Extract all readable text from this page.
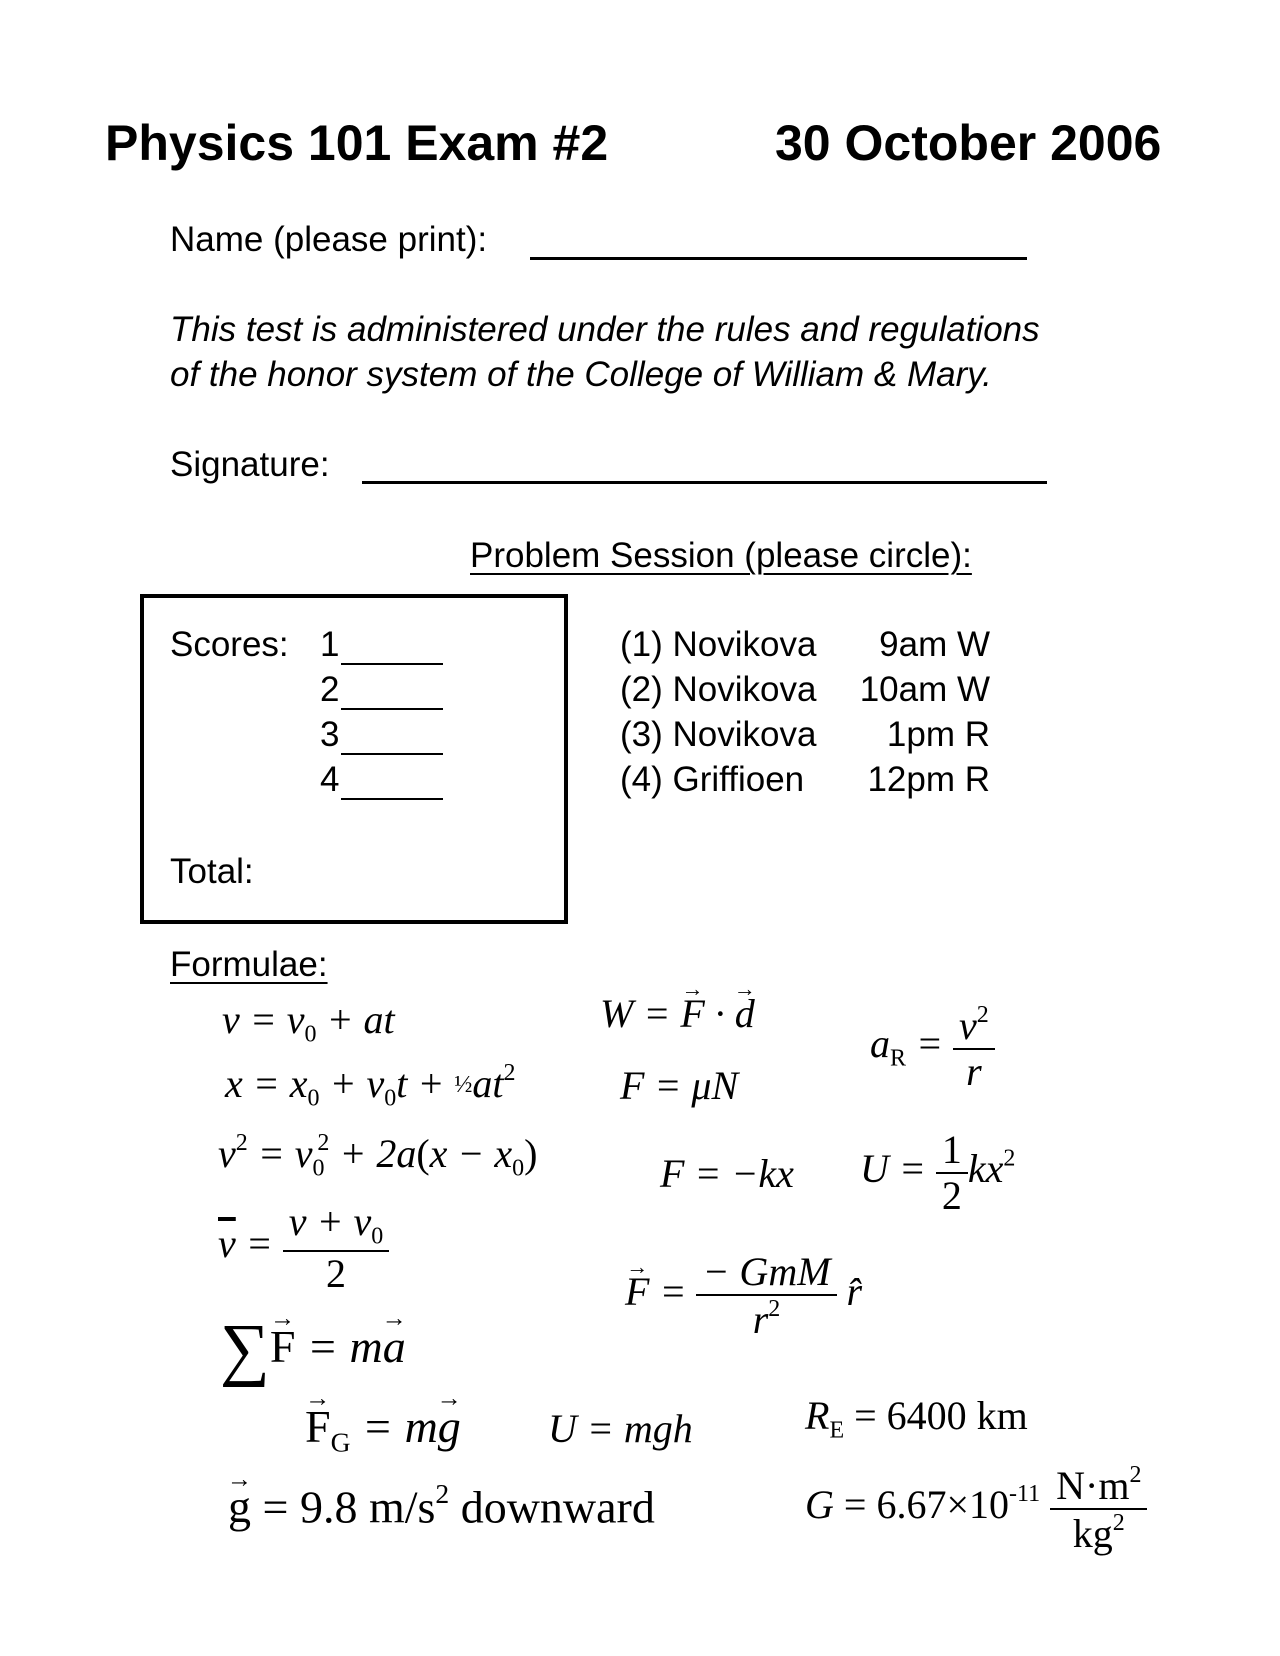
Physics 101 Exam #2	30 October 2006
Name (please print):
This test is administered under the rules and regulations
of the honor system of the College of William & Mary.
Signature:
Problem Session (please circle):
Scores: 1
2
3
4
Total:
(1) Novikova	9am W
(2) Novikova	10am W
(3) Novikova	1pm R
(4) Griffioen	12pm R
Formulae:
$v = v_0$ + at
$x = x_0 + v_0t$ + $\frac{1}{2}at^2$
$v^2 = v_0^2 + 2a(x - x_0)$
$\overline{v} = \frac{v + v_0}{2}$
∑→ F = m→ a
W = → F · → d
F = μN
$a_R = \frac{v^2}{r}$
F = −kx $U = \frac{1}{2} kx^2$
→ $F = \frac{\text{− GmM}}{r^2}$ r̂
→ $F_G = m\to g$ U = mgh	$R_E = 6400$ km
→ g = 9.8 $m/s^2$ downward	$G = 6.67\times 10^{-11} \frac{N\cdot m^2}{kg^2}$
